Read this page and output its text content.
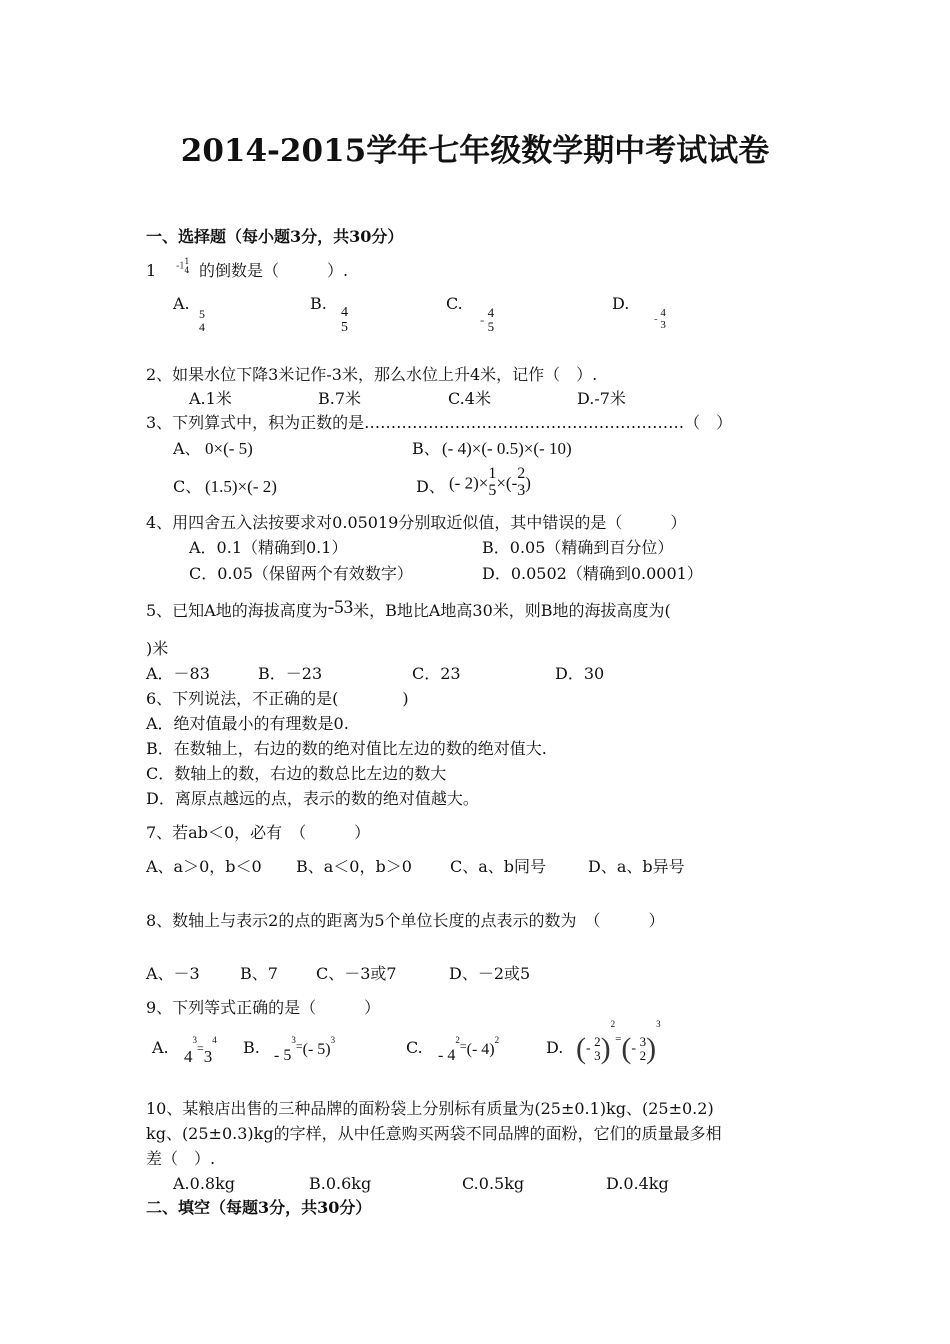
2014-2015学年七年级数学期中考试试卷
一、选择题（每小题3分，共30分）
1 -1 1
4 的倒数是（　　　）.
A.
5
4
B. 4
5
C.
- 4
5
D.
-
4
3
2、如果水位下降3米记作-3米，那么水位上升4米，记作（　）.
A.1米	B.7米	C.4米	D.-7米
3、下列算式中，积为正数的是……………………………………………………（　）
A、 0×(- 5)	B、 (- 4)×(- 0.5)×(- 10)
C、 (1.5)×(- 2)	D、 (- 2)× 1
5 ×(- 2
3 )
4、用四舍五入法按要求对0.05019分别取近似值，其中错误的是（　　　）
A．0.1（精确到0.1）	B．0.05（精确到百分位）
C．0.05（保留两个有效数字）	D．0.0502（精确到0.0001）
5、已知A地的海拔高度为-53米，B地比A地高30米，则B地的海拔高度为(
)米
A．－83	B．－23	C．23	D．30
6、下列说法，不正确的是(　　　　)
A．绝对值最小的有理数是0.
B．在数轴上，右边的数的绝对值比左边的数的绝对值大.
C．数轴上的数，右边的数总比左边的数大
D．离原点越远的点，表示的数的绝对值越大。
7、若ab＜0，必有　（　　　）
A、a＞0，b＜0 B、a＜0，b＞0 C、a、b同号	D、a、b异号
8、数轴上与表示2的点的距离为5个单位长度的点表示的数为　（　　　）
A、－3	B、7 C、－3或7	D、－2或5
9、下列等式正确的是（　　　）
A. $4^3=3^4$ B. - $5^3=(-$ 5)$^3$	C. - $4^2=(-$ 4)$^2$	D. (- 2
3 )$^{2=}$(- 3
2 )$^3$
10、某粮店出售的三种品牌的面粉袋上分别标有质量为(25±0.1)kg、(25±0.2)
kg、(25±0.3)kg的字样，从中任意购买两袋不同品牌的面粉，它们的质量最多相
差（　）.
A.0.8kg	B.0.6kg	C.0.5kg	D.0.4kg
二、填空（每题3分，共30分）
